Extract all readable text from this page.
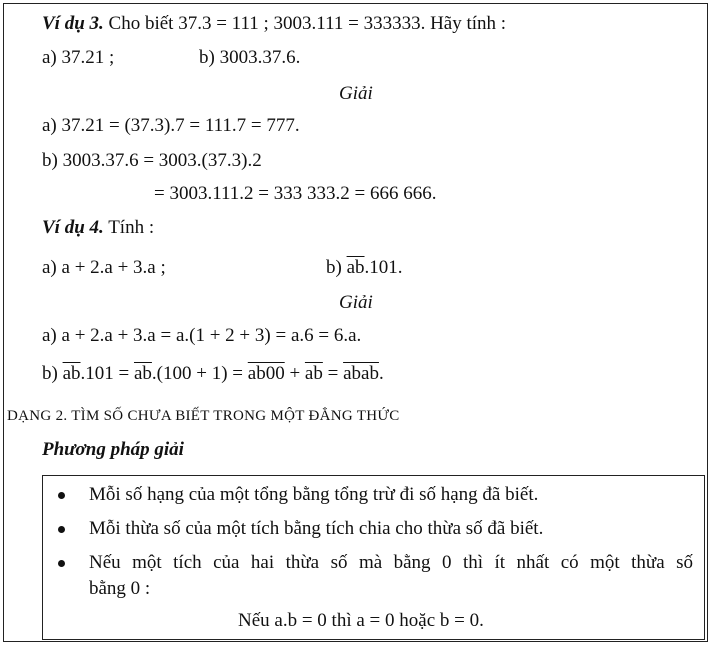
Ví dụ 3. Cho biết 37.3 = 111 ; 3003.111 = 333333. Hãy tính :
a) 37.21 ;	b) 3003.37.6.
Giải
a) 37.21 = (37.3).7 = 111.7 = 777.
b) 3003.37.6 = 3003.(37.3).2
= 3003.111.2 = 333 333.2 = 666 666.
Ví dụ 4. Tính :
a) a + 2.a + 3.a ;	b) $\overline{ab}.101$.
Giải
a) a + 2.a + 3.a = a.(1 + 2 + 3) = a.6 = 6.a.
b) $\overline{ab}.101 = \overline{ab}.(100 + 1) = ab00 + \overline{ab}$ = abab.
DẠNG 2. TÌM SỐ CHƯA BIẾT TRONG MỘT ĐẲNG THỨC
Phương pháp giải
Mỗi số hạng của một tổng bằng tổng trừ đi số hạng đã biết.
Mỗi thừa số của một tích bằng tích chia cho thừa số đã biết.
Nếu một tích của hai thừa số mà bằng 0 thì ít nhất có một thừa số
bằng 0 :
Nếu a.b = 0 thì a = 0 hoặc b = 0.
